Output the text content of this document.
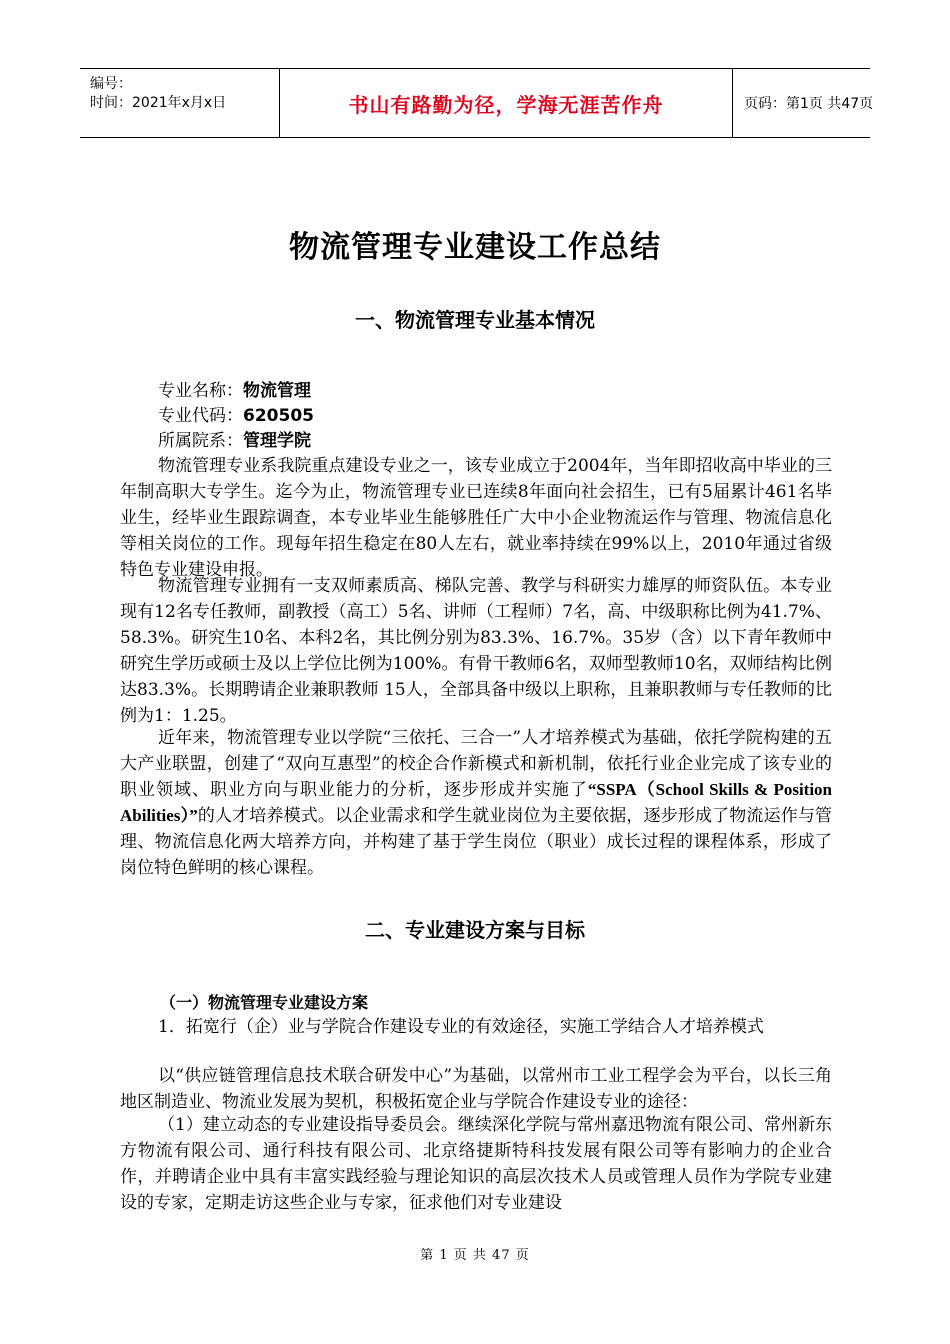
编号：
时间：2021年x月x日	书山有路勤为径，学海无涯苦作舟	页码：第1页 共47页
物流管理专业建设工作总结
一、物流管理专业基本情况
专业名称：物流管理
专业代码：620505
所属院系：管理学院
物流管理专业系我院重点建设专业之一，该专业成立于2004年，当年即招收高中毕业的三年制高职大专学生。迄今为止，物流管理专业已连续8年面向社会招生，已有5届累计461名毕业生，经毕业生跟踪调查，本专业毕业生能够胜任广大中小企业物流运作与管理、物流信息化等相关岗位的工作。现每年招生稳定在80人左右，就业率持续在99%以上，2010年通过省级特色专业建设申报。
物流管理专业拥有一支双师素质高、梯队完善、教学与科研实力雄厚的师资队伍。本专业现有12名专任教师，副教授（高工）5名、讲师（工程师）7名，高、中级职称比例为41.7%、58.3%。研究生10名、本科2名，其比例分别为83.3%、16.7%。35岁（含）以下青年教师中研究生学历或硕士及以上学位比例为100%。有骨干教师6名，双师型教师10名，双师结构比例达83.3%。长期聘请企业兼职教师 15人，全部具备中级以上职称，且兼职教师与专任教师的比例为1：1.25。
近年来，物流管理专业以学院“三依托、三合一”人才培养模式为基础，依托学院构建的五大产业联盟，创建了“双向互惠型”的校企合作新模式和新机制，依托行业企业完成了该专业的职业领域、职业方向与职业能力的分析，逐步形成并实施了“SSPA（School Skills & Position Abilities）”的人才培养模式。以企业需求和学生就业岗位为主要依据，逐步形成了物流运作与管理、物流信息化两大培养方向，并构建了基于学生岗位（职业）成长过程的课程体系，形成了岗位特色鲜明的核心课程。
二、专业建设方案与目标
（一）物流管理专业建设方案
1．拓宽行（企）业与学院合作建设专业的有效途径，实施工学结合人才培养模式
以“供应链管理信息技术联合研发中心”为基础，以常州市工业工程学会为平台，以长三角地区制造业、物流业发展为契机，积极拓宽企业与学院合作建设专业的途径：
（1）建立动态的专业建设指导委员会。继续深化学院与常州嘉迅物流有限公司、常州新东方物流有限公司、通行科技有限公司、北京络捷斯特科技发展有限公司等有影响力的企业合作，并聘请企业中具有丰富实践经验与理论知识的高层次技术人员或管理人员作为学院专业建设的专家，定期走访这些企业与专家，征求他们对专业建设
第 1 页 共 47 页
